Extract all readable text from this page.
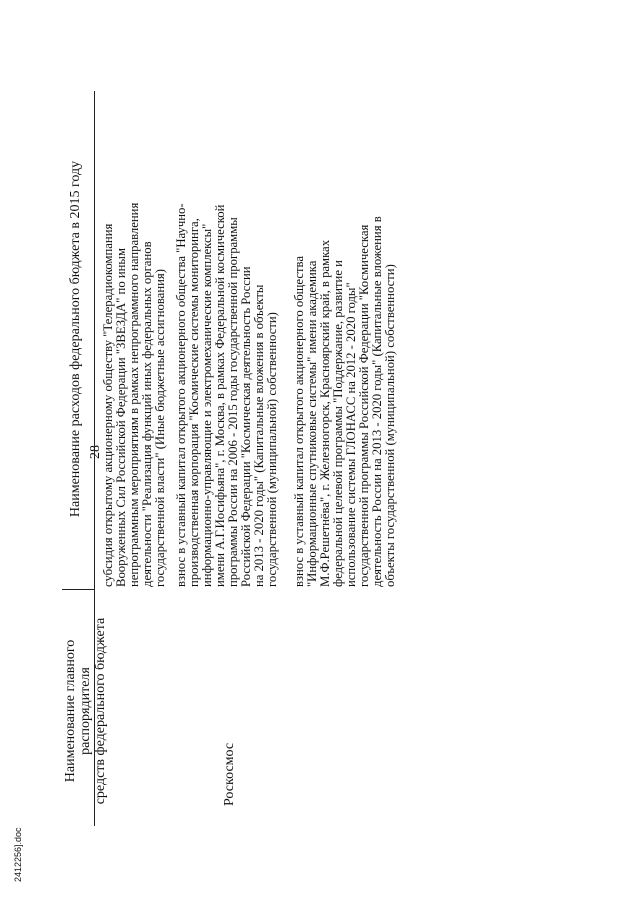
28
Наименование главного распорядителя средств федерального бюджета
Наименование расходов федерального бюджета в 2015 году
Роскосмос
субсидия открытому акционерному обществу "Телерадиокомпания Вооруженных Сил Российской Федерации "ЗВЕЗДА" по иным непрограммным мероприятиям в рамках непрограммного направления деятельности "Реализация функций иных федеральных органов государственной власти" (Иные бюджетные ассигнования) взнос в уставный капитал открытого акционерного общества "Научно- производственная корпорация "Космические системы мониторинга, информационно-управляющие и электромеханические комплексы" имени А.Г.Иосифьяна", г. Москва, в рамках Федеральной космической программы России на 2006 - 2015 годы государственной программы Российской Федерации "Космическая деятельность России на 2013 - 2020 годы" (Капитальные вложения в объекты государственной (муниципальной) собственности) взнос в уставный капитал открытого акционерного общества "Информационные спутниковые системы" имени академика М.Ф.Решетнёва", г. Железногорск, Красноярский край, в рамках федеральной целевой программы "Поддержание, развитие и использование системы ГЛОНАСС на 2012 - 2020 годы" государственной программы Российской Федерации "Космическая деятельность России на 2013 - 2020 годы" (Капитальные вложения в объекты государственной (муниципальной) собственности)
2412256].doc
